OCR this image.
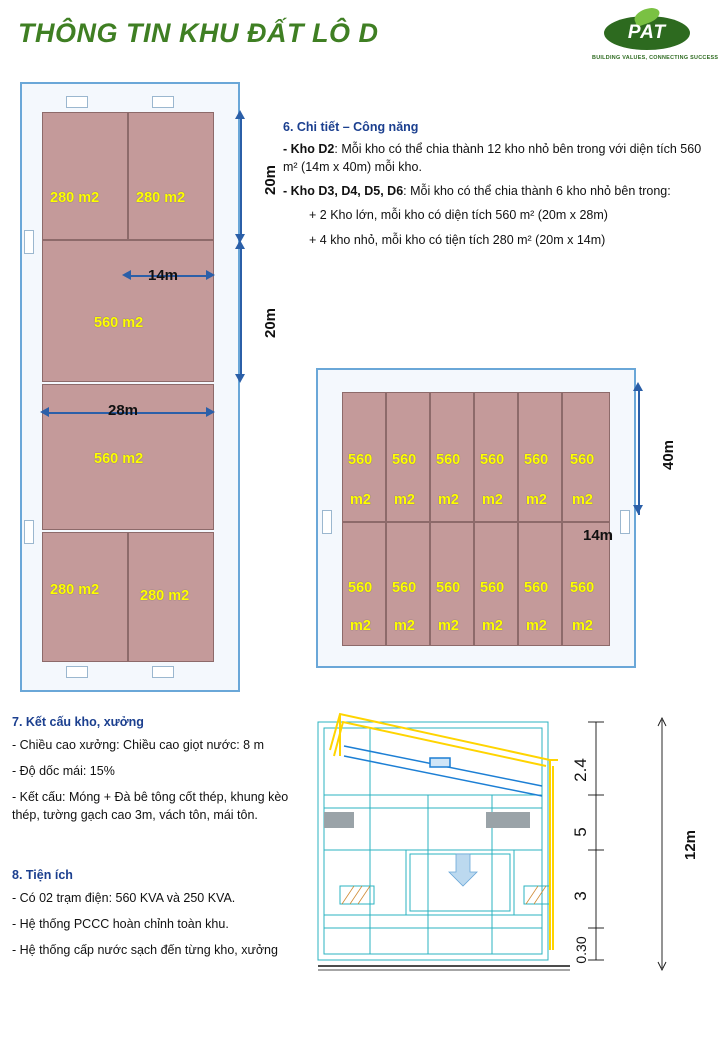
THÔNG TIN KHU ĐẤT LÔ D	PAT
BUILDING VALUES, CONNECTING SUCCESS
280 m2	280 m2
560 m2
560 m2
280 m2	280 m2
20m
20m
14m
28m
6. Chi tiết – Công năng

- Kho D2: Mỗi kho có thể chia thành 12 kho nhỏ bên trong với diện tích 560 m² (14m x 40m) mỗi kho.

- Kho D3, D4, D5, D6: Mỗi kho có thể chia thành 6 kho nhỏ bên trong:

+ 2 Kho lớn, mỗi kho có diện tích 560 m² (20m x 28m)

+ 4 kho nhỏ, mỗi kho có tiện tích 280 m² (20m x 14m)

560 560 560 560 560 560
m2 m2 m2 m2 m2 m2
560 560 560 560 560 560
m2 m2 m2 m2 m2 m2
40m
14m

7. Kết cấu kho, xưởng

- Chiều cao xưởng: Chiều cao giọt nước: 8 m

- Độ dốc mái: 15%

- Kết cấu: Móng + Đà bê tông cốt thép, khung kèo thép, tường gạch cao 3m, vách tôn, mái tôn.

8. Tiện ích

- Có 02 trạm điện: 560 KVA và 250 KVA.

- Hệ thống PCCC hoàn chỉnh toàn khu.

- Hệ thống cấp nước sạch đến từng kho, xưởng

2.4
3
0.30
5	12m
